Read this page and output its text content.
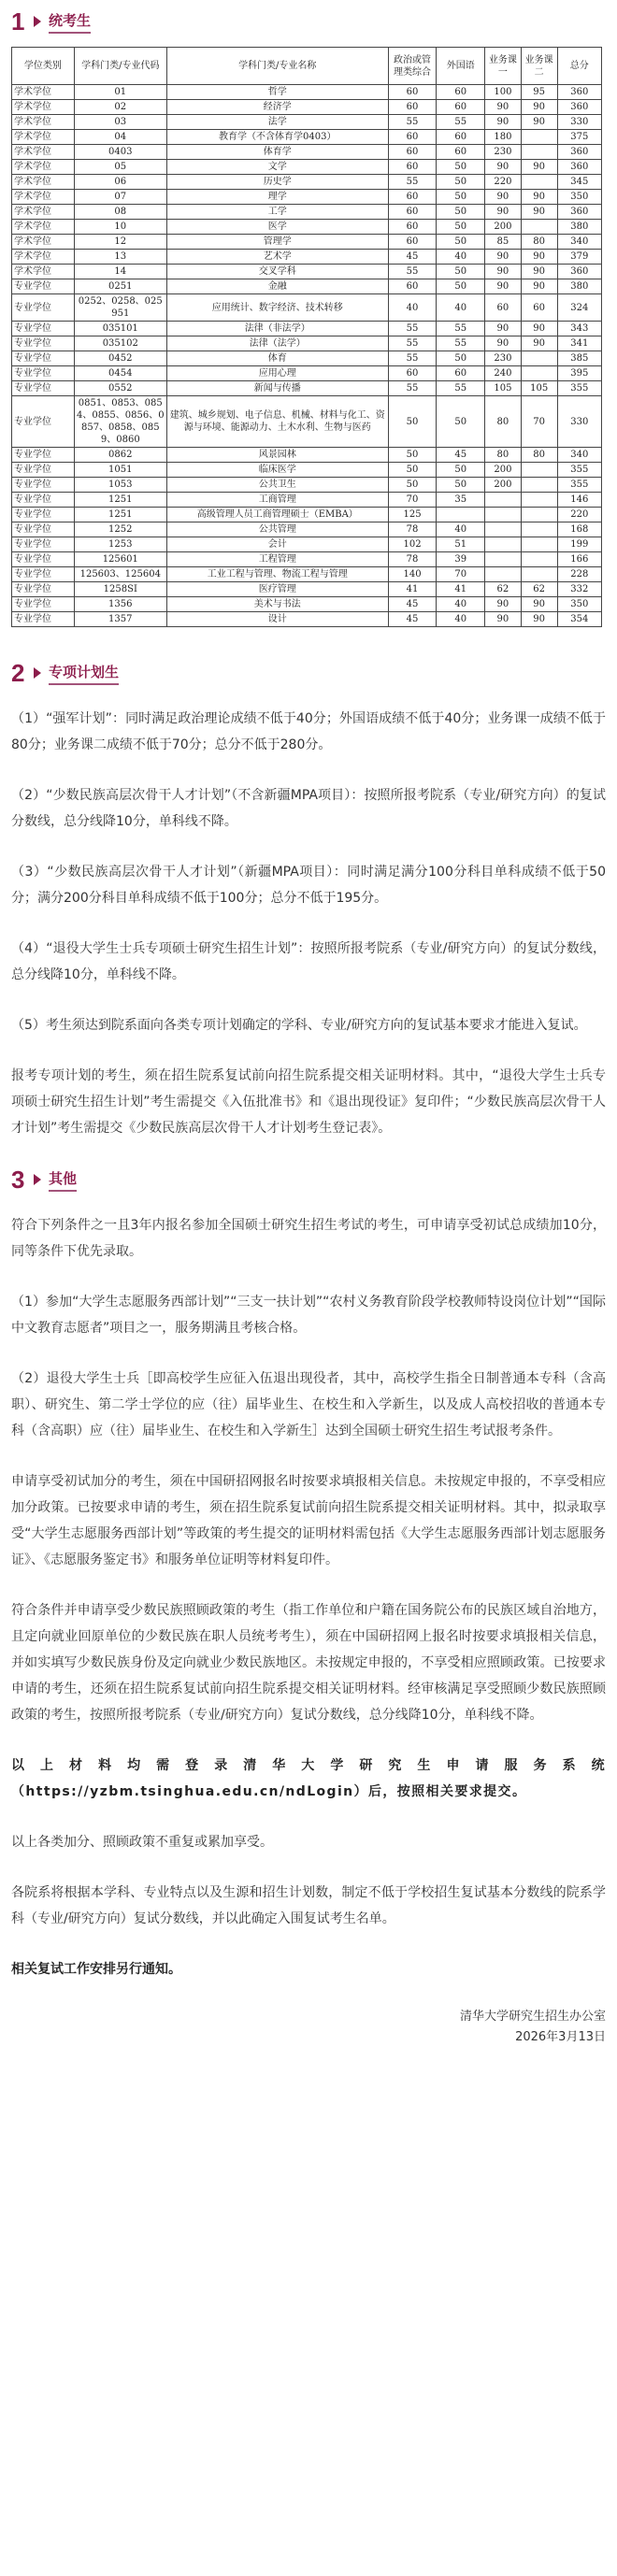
1	统考生
学位类别	学科门类/专业代码	学科门类/专业名称	政治或管理类综合	外国语	业务课一	业务课二	总分
学术学位	01	哲学	60	60	100	95	360
学术学位	02	经济学	60	60	90	90	360
学术学位	03	法学	55	55	90	90	330
学术学位	04	教育学（不含体育学0403）	60	60	180		375
学术学位	0403	体育学	60	60	230		360
学术学位	05	文学	60	50	90	90	360
学术学位	06	历史学	55	50	220		345
学术学位	07	理学	60	50	90	90	350
学术学位	08	工学	60	50	90	90	360
学术学位	10	医学	60	50	200		380
学术学位	12	管理学	60	50	85	80	340
学术学位	13	艺术学	45	40	90	90	379
学术学位	14	交叉学科	55	50	90	90	360
专业学位	0251	金融	60	50	90	90	380
专业学位	0252、0258、025951	应用统计、数字经济、技术转移	40	40	60	60	324
专业学位	035101	法律（非法学）	55	55	90	90	343
专业学位	035102	法律（法学）	55	55	90	90	341
专业学位	0452	体育	55	50	230		385
专业学位	0454	应用心理	60	60	240		395
专业学位	0552	新闻与传播	55	55	105	105	355
专业学位	0851、0853、0854、0855、0856、0857、0858、0859、0860	建筑、城乡规划、电子信息、机械、材料与化工、资源与环境、能源动力、土木水利、生物与医药	50	50	80	70	330
专业学位	0862	风景园林	50	45	80	80	340
专业学位	1051	临床医学	50	50	200		355
专业学位	1053	公共卫生	50	50	200		355
专业学位	1251	工商管理	70	35			146
专业学位	1251	高级管理人员工商管理硕士（EMBA）	125				220
专业学位	1252	公共管理	78	40			168
专业学位	1253	会计	102	51			199
专业学位	125601	工程管理	78	39			166
专业学位	125603、125604	工业工程与管理、物流工程与管理	140	70			228
专业学位	1258SI	医疗管理	41	41	62	62	332
专业学位	1356	美术与书法	45	40	90	90	350
专业学位	1357	设计	45	40	90	90	354
2	专项计划生

（1）“强军计划”：同时满足政治理论成绩不低于40分；外国语成绩不低于40分；业务课一成绩不低于80分；业务课二成绩不低于70分；总分不低于280分。

（2）“少数民族高层次骨干人才计划”（不含新疆MPA项目）：按照所报考院系（专业/研究方向）的复试分数线，总分线降10分，单科线不降。

（3）“少数民族高层次骨干人才计划”（新疆MPA项目）：同时满足满分100分科目单科成绩不低于50分；满分200分科目单科成绩不低于100分；总分不低于195分。

（4）“退役大学生士兵专项硕士研究生招生计划”：按照所报考院系（专业/研究方向）的复试分数线，总分线降10分，单科线不降。

（5）考生须达到院系面向各类专项计划确定的学科、专业/研究方向的复试基本要求才能进入复试。

报考专项计划的考生，须在招生院系复试前向招生院系提交相关证明材料。其中，“退役大学生士兵专项硕士研究生招生计划”考生需提交《入伍批准书》和《退出现役证》复印件；“少数民族高层次骨干人才计划”考生需提交《少数民族高层次骨干人才计划考生登记表》。

3	其他

符合下列条件之一且3年内报名参加全国硕士研究生招生考试的考生，可申请享受初试总成绩加10分，同等条件下优先录取。

（1）参加“大学生志愿服务西部计划”“三支一扶计划”“农村义务教育阶段学校教师特设岗位计划”“国际中文教育志愿者”项目之一，服务期满且考核合格。

（2）退役大学生士兵［即高校学生应征入伍退出现役者，其中，高校学生指全日制普通本专科（含高职）、研究生、第二学士学位的应（往）届毕业生、在校生和入学新生，以及成人高校招收的普通本专科（含高职）应（往）届毕业生、在校生和入学新生］达到全国硕士研究生招生考试报考条件。

申请享受初试加分的考生，须在中国研招网报名时按要求填报相关信息。未按规定申报的，不享受相应加分政策。已按要求申请的考生，须在招生院系复试前向招生院系提交相关证明材料。其中，拟录取享受“大学生志愿服务西部计划”等政策的考生提交的证明材料需包括《大学生志愿服务西部计划志愿服务证》、《志愿服务鉴定书》和服务单位证明等材料复印件。

符合条件并申请享受少数民族照顾政策的考生（指工作单位和户籍在国务院公布的民族区域自治地方，且定向就业回原单位的少数民族在职人员统考考生），须在中国研招网上报名时按要求填报相关信息，并如实填写少数民族身份及定向就业少数民族地区。未按规定申报的，不享受相应照顾政策。已按要求申请的考生，还须在招生院系复试前向招生院系提交相关证明材料。经审核满足享受照顾少数民族照顾政策的考生，按照所报考院系（专业/研究方向）复试分数线，总分线降10分，单科线不降。

以上材料均需登录清华大学研究生申请服务系统（https://yzbm.tsinghua.edu.cn/ndLogin）后，按照相关要求提交。

以上各类加分、照顾政策不重复或累加享受。

各院系将根据本学科、专业特点以及生源和招生计划数，制定不低于学校招生复试基本分数线的院系学科（专业/研究方向）复试分数线，并以此确定入围复试考生名单。

相关复试工作安排另行通知。

清华大学研究生招生办公室
2026年3月13日
